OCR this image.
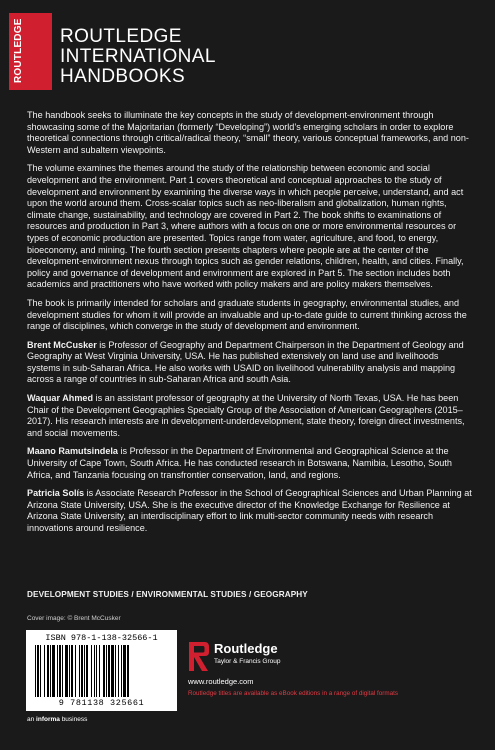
ROUTLEDGE ROUTLEDGE
INTERNATIONAL
HANDBOOKS

The handbook seeks to illuminate the key concepts in the study of development-environment through showcasing some of the Majoritarian (formerly “Developing”) world’s emerging scholars in order to explore theoretical connections through critical/radical theory, “small” theory, various conceptual frameworks, and non-Western and subaltern viewpoints.

The volume examines the themes around the study of the relationship between economic and social development and the environment. Part 1 covers theoretical and conceptual approaches to the study of development and environment by examining the diverse ways in which people perceive, understand, and act upon the world around them. Cross-scalar topics such as neo-liberalism and globalization, human rights, climate change, sustainability, and technology are covered in Part 2. The book shifts to examinations of resources and production in Part 3, where authors with a focus on one or more environmental resources or types of economic production are presented. Topics range from water, agriculture, and food, to energy, bioeconomy, and mining. The fourth section presents chapters where people are at the center of the development-environment nexus through topics such as gender relations, children, health, and cities. Finally, policy and governance of development and environment are explored in Part 5. The section includes both academics and practitioners who have worked with policy makers and are policy makers themselves.

The book is primarily intended for scholars and graduate students in geography, environmental studies, and development studies for whom it will provide an invaluable and up-to-date guide to current thinking across the range of disciplines, which converge in the study of development and environment.

Brent McCusker is Professor of Geography and Department Chairperson in the Department of Geology and Geography at West Virginia University, USA. He has published extensively on land use and livelihoods systems in sub-Saharan Africa. He also works with USAID on livelihood vulnerability analysis and mapping across a range of countries in sub-Saharan Africa and south Asia.

Waquar Ahmed is an assistant professor of geography at the University of North Texas, USA. He has been Chair of the Development Geographies Specialty Group of the Association of American Geographers (2015–2017). His research interests are in development-underdevelopment, state theory, foreign direct investments, and social movements.

Maano Ramutsindela is Professor in the Department of Environmental and Geographical Science at the University of Cape Town, South Africa. He has conducted research in Botswana, Namibia, Lesotho, South Africa, and Tanzania focusing on transfrontier conservation, land, and regions.

Patricia Solís is Associate Research Professor in the School of Geographical Sciences and Urban Planning at Arizona State University, USA. She is the executive director of the Knowledge Exchange for Resilience at Arizona State University, an interdisciplinary effort to link multi-sector community needs with research innovations around resilience.

DEVELOPMENT STUDIES / ENVIRONMENTAL STUDIES / GEOGRAPHY
Cover image: © Brent McCusker
ISBN 978-1-138-32566-1
9 781138 325661
an informa business
Routledge
Taylor & Francis Group
www.routledge.com
Routledge titles are available as eBook editions in a range of digital formats
